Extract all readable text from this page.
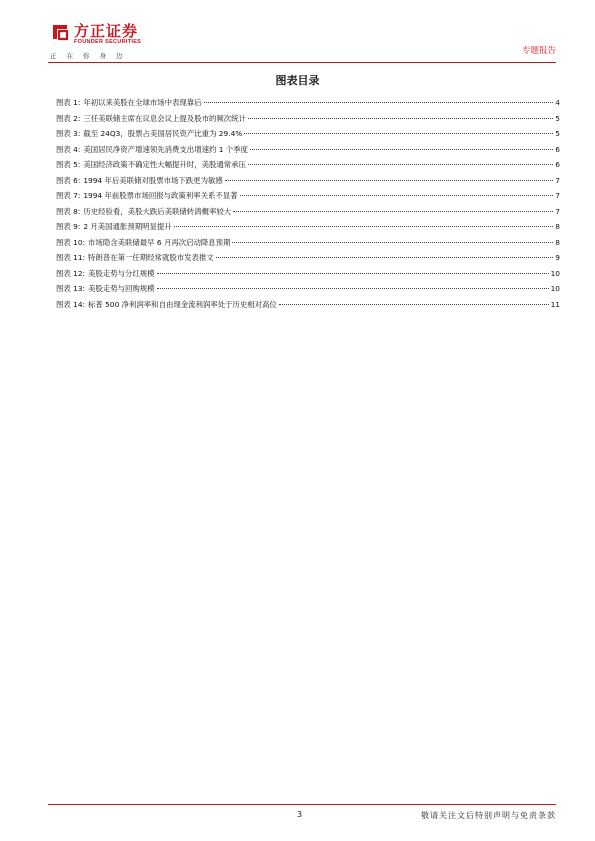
方正证券
FOUNDER SECURITIES
正在你身边	专题报告
图表目录
图表 1: 年初以来美股在全球市场中表现靠后	4
图表 2: 三任美联储主席在议息会议上提及股市的频次统计	5
图表 3: 截至 24Q3，股票占美国居民资产比重为 29.4%	5
图表 4: 美国居民净资产增速领先消费支出增速约 1 个季度	6
图表 5: 美国经济政策不确定性大幅提升时，美股通常承压	6
图表 6: 1994 年后美联储对股票市场下跌更为敏感	7
图表 7: 1994 年前股票市场回报与政策利率关系不显著	7
图表 8: 历史经验看，美股大跌后美联储转鸽概率较大	7
图表 9: 2 月美国通胀预期明显提升	8
图表 10: 市场隐含美联储最早 6 月再次启动降息预期	8
图表 11: 特朗普在第一任期经常就股市发表推文	9
图表 12: 美股走势与分红规模	10
图表 13: 美股走势与回购规模	10
图表 14: 标普 500 净利润率和自由现金流利润率处于历史相对高位	11
3	敬请关注文后特别声明与免责条款
